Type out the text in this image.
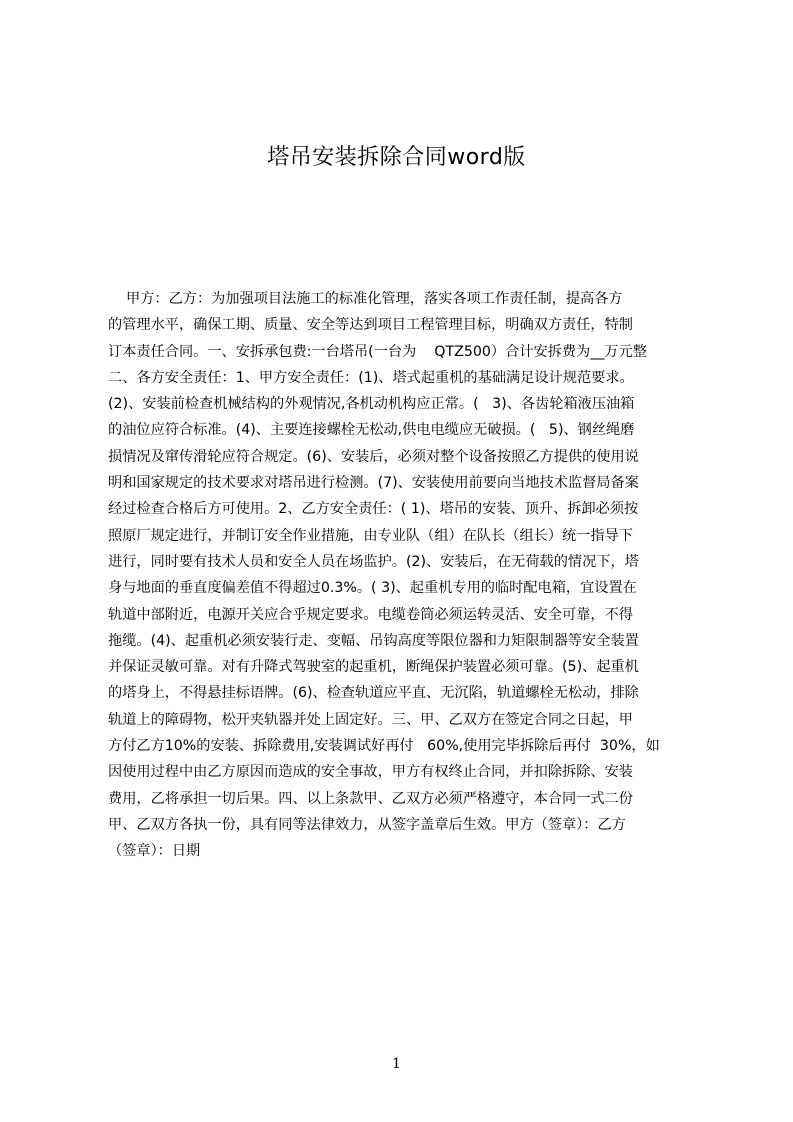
塔吊安装拆除合同word版
甲方：乙方：为加强项目法施工的标准化管理，落实各项工作责任制，提高各方
的管理水平，确保工期、质量、安全等达到项目工程管理目标，明确双方责任，特制
订本责任合同。一、安拆承包费:一台塔吊(一台为    QTZ500）合计安拆费为__万元整
二、各方安全责任：1、甲方安全责任：(1)、塔式起重机的基础满足设计规范要求。
(2)、安装前检查机械结构的外观情况,各机动机构应正常。(   3)、各齿轮箱液压油箱
的油位应符合标准。(4)、主要连接螺栓无松动,供电电缆应无破损。(   5)、钢丝绳磨
损情况及窜传滑轮应符合规定。(6)、安装后，必须对整个设备按照乙方提供的使用说
明和国家规定的技术要求对塔吊进行检测。(7)、安装使用前要向当地技术监督局备案
经过检查合格后方可使用。2、乙方安全责任：( 1)、塔吊的安装、顶升、拆卸必须按
照原厂规定进行，并制订安全作业措施，由专业队（组）在队长（组长）统一指导下
进行，同时要有技术人员和安全人员在场监护。(2)、安装后，在无荷载的情况下，塔
身与地面的垂直度偏差值不得超过0.3%。( 3)、起重机专用的临时配电箱，宜设置在
轨道中部附近，电源开关应合乎规定要求。电缆卷筒必须运转灵活、安全可靠，不得
拖缆。(4)、起重机必须安装行走、变幅、吊钩高度等限位器和力矩限制器等安全装置
并保证灵敏可靠。对有升降式驾驶室的起重机，断绳保护装置必须可靠。(5)、起重机
的塔身上，不得悬挂标语牌。(6)、检查轨道应平直、无沉陷，轨道螺栓无松动，排除
轨道上的障碍物，松开夹轨器并处上固定好。三、甲、乙双方在签定合同之日起，甲
方付乙方10%的安装、拆除费用,安装调试好再付   60%,使用完毕拆除后再付  30%，如
因使用过程中由乙方原因而造成的安全事故，甲方有权终止合同，并扣除拆除、安装
费用，乙将承担一切后果。四、以上条款甲、乙双方必须严格遵守，本合同一式二份
甲、乙双方各执一份，具有同等法律效力，从签字盖章后生效。甲方（签章）：乙方
（签章）：日期
1
